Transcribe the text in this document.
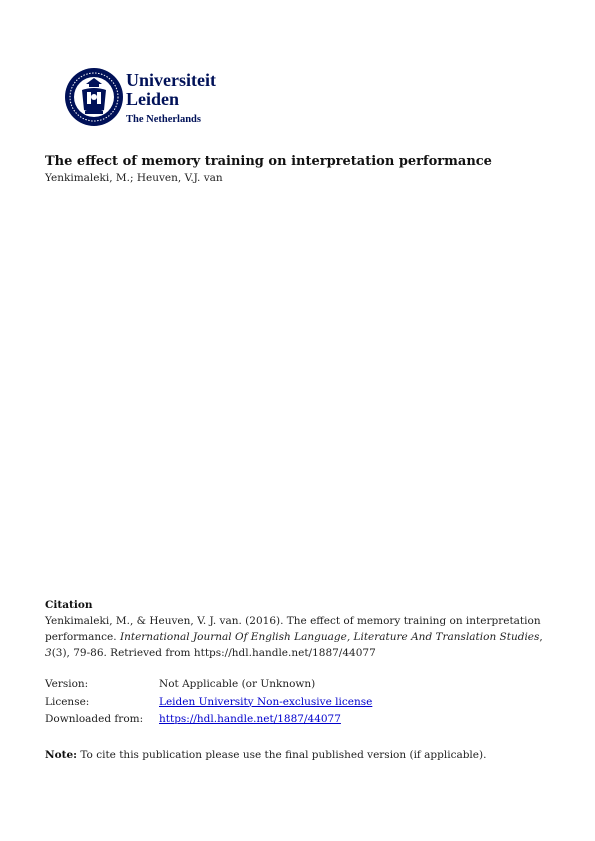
Universiteit
Leiden
The Netherlands
The effect of memory training on interpretation performance
Yenkimaleki, M.; Heuven, V.J. van
Citation
Yenkimaleki, M., & Heuven, V. J. van. (2016). The effect of memory training on interpretation performance. International Journal Of English Language, Literature And Translation Studies, 3(3), 79-86. Retrieved from https://hdl.handle.net/1887/44077
Version:	Not Applicable (or Unknown)
License:	Leiden University Non-exclusive license
Downloaded from:	https://hdl.handle.net/1887/44077
Note: To cite this publication please use the final published version (if applicable).
